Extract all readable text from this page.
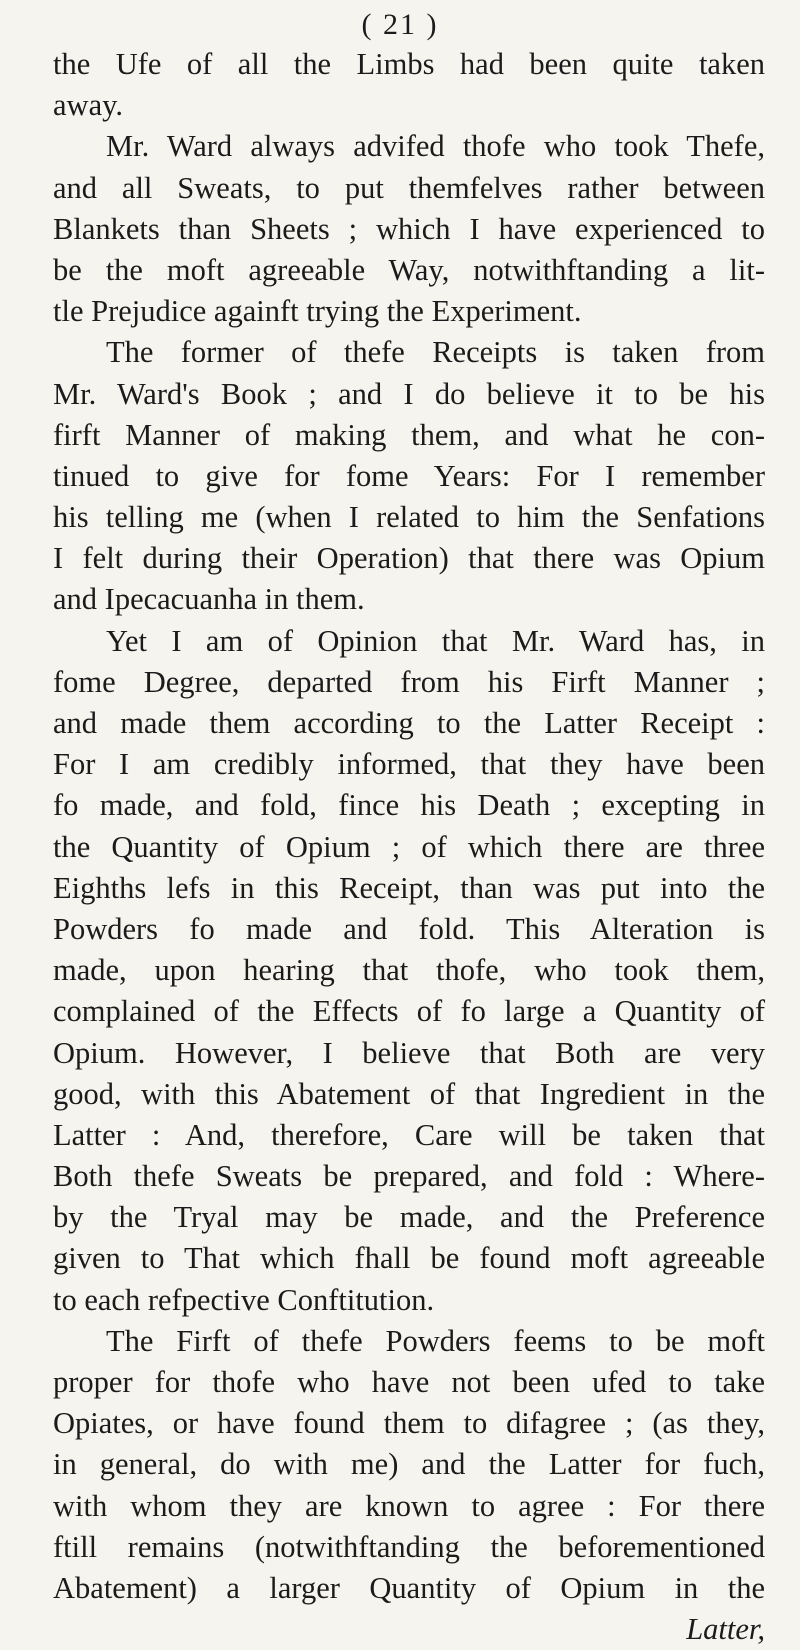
( 21 )
the Ufe of all the Limbs had been quite taken
away.
Mr. Ward always advifed thofe who took Thefe,
and all Sweats, to put themfelves rather between
Blankets than Sheets ; which I have experienced to
be the moft agreeable Way, notwithftanding a lit-
tle Prejudice againft trying the Experiment.
The former of thefe Receipts is taken from
Mr. Ward's Book ; and I do believe it to be his
firft Manner of making them, and what he con-
tinued to give for fome Years: For I remember
his telling me (when I related to him the Senfations
I felt during their Operation) that there was Opium
and Ipecacuanha in them.
Yet I am of Opinion that Mr. Ward has, in
fome Degree, departed from his Firft Manner ;
and made them according to the Latter Receipt :
For I am credibly informed, that they have been
fo made, and fold, fince his Death ; excepting in
the Quantity of Opium ; of which there are three
Eighths lefs in this Receipt, than was put into the
Powders fo made and fold. This Alteration is
made, upon hearing that thofe, who took them,
complained of the Effects of fo large a Quantity of
Opium. However, I believe that Both are very
good, with this Abatement of that Ingredient in the
Latter : And, therefore, Care will be taken that
Both thefe Sweats be prepared, and fold : Where-
by the Tryal may be made, and the Preference
given to That which fhall be found moft agreeable
to each refpective Conftitution.
The Firft of thefe Powders feems to be moft
proper for thofe who have not been ufed to take
Opiates, or have found them to difagree ; (as they,
in general, do with me) and the Latter for fuch,
with whom they are known to agree : For there
ftill remains (notwithftanding the beforementioned
Abatement) a larger Quantity of Opium in the
Latter,
